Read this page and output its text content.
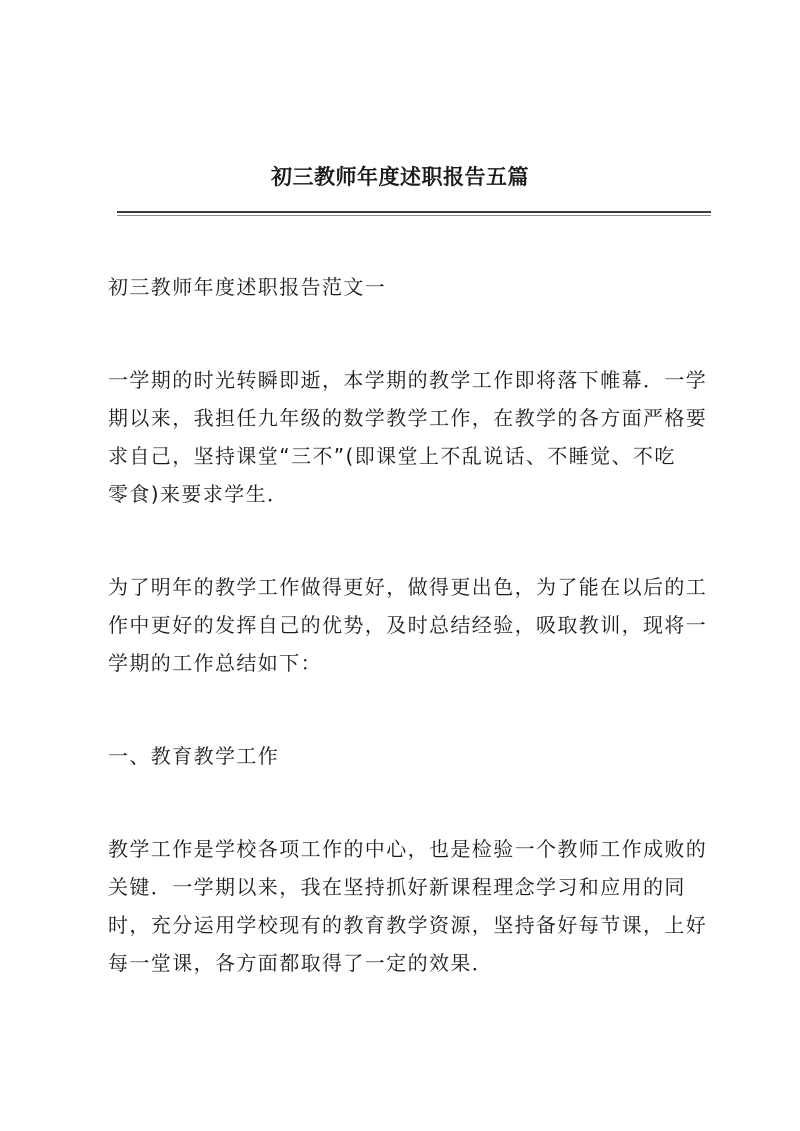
初三教师年度述职报告五篇

初三教师年度述职报告范文一

一学期的时光转瞬即逝，本学期的教学工作即将落下帷幕．一学
期以来，我担任九年级的数学教学工作，在教学的各方面严格要
求自己，坚持课堂“三不”(即课堂上不乱说话、不睡觉、不吃
零食)来要求学生．

为了明年的教学工作做得更好，做得更出色，为了能在以后的工
作中更好的发挥自己的优势，及时总结经验，吸取教训，现将一
学期的工作总结如下：

一、教育教学工作

教学工作是学校各项工作的中心，也是检验一个教师工作成败的
关键．一学期以来，我在坚持抓好新课程理念学习和应用的同
时，充分运用学校现有的教育教学资源，坚持备好每节课，上好
每一堂课，各方面都取得了一定的效果．
